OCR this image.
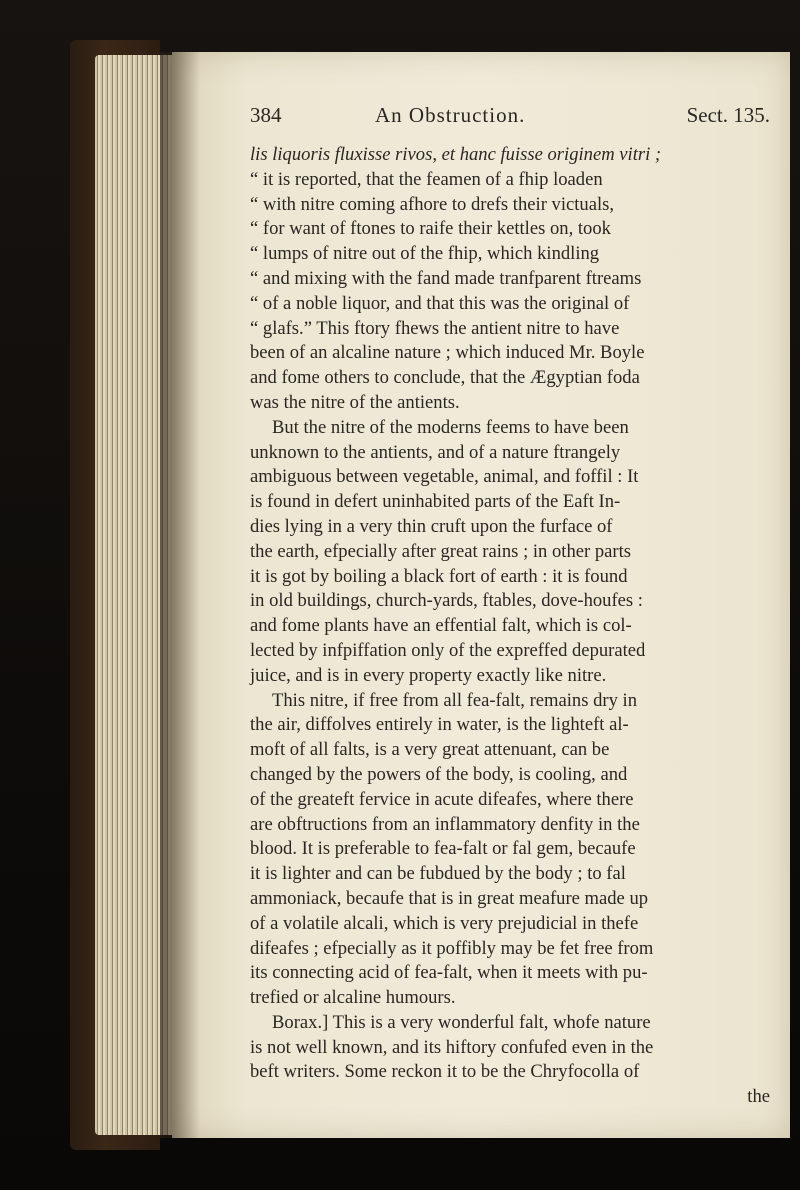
384	An Obstruction.	Sect. 135.
lis liquoris fluxisse rivos, et hanc fuisse originem vitri ;
“ it is reported, that the feamen of a fhip loaden
“ with nitre coming afhore to drefs their victuals,
“ for want of ftones to raife their kettles on, took
“ lumps of nitre out of the fhip, which kindling
“ and mixing with the fand made tranfparent ftreams
“ of a noble liquor, and that this was the original of
“ glafs.” This ftory fhews the antient nitre to have
been of an alcaline nature ; which induced Mr. Boyle
and fome others to conclude, that the Ægyptian foda
was the nitre of the antients.
But the nitre of the moderns feems to have been
unknown to the antients, and of a nature ftrangely
ambiguous between vegetable, animal, and foffil : It
is found in defert uninhabited parts of the Eaft In-
dies lying in a very thin cruft upon the furface of
the earth, efpecially after great rains ; in other parts
it is got by boiling a black fort of earth : it is found
in old buildings, church-yards, ftables, dove-houfes :
and fome plants have an effential falt, which is col-
lected by infpiffation only of the expreffed depurated
juice, and is in every property exactly like nitre.
This nitre, if free from all fea-falt, remains dry in
the air, diffolves entirely in water, is the lighteft al-
moft of all falts, is a very great attenuant, can be
changed by the powers of the body, is cooling, and
of the greateft fervice in acute difeafes, where there
are obftructions from an inflammatory denfity in the
blood. It is preferable to fea-falt or fal gem, becaufe
it is lighter and can be fubdued by the body ; to fal
ammoniack, becaufe that is in great meafure made up
of a volatile alcali, which is very prejudicial in thefe
difeafes ; efpecially as it poffibly may be fet free from
its connecting acid of fea-falt, when it meets with pu-
trefied or alcaline humours.
Borax.] This is a very wonderful falt, whofe nature
is not well known, and its hiftory confufed even in the
beft writers. Some reckon it to be the Chryfocolla of
the
